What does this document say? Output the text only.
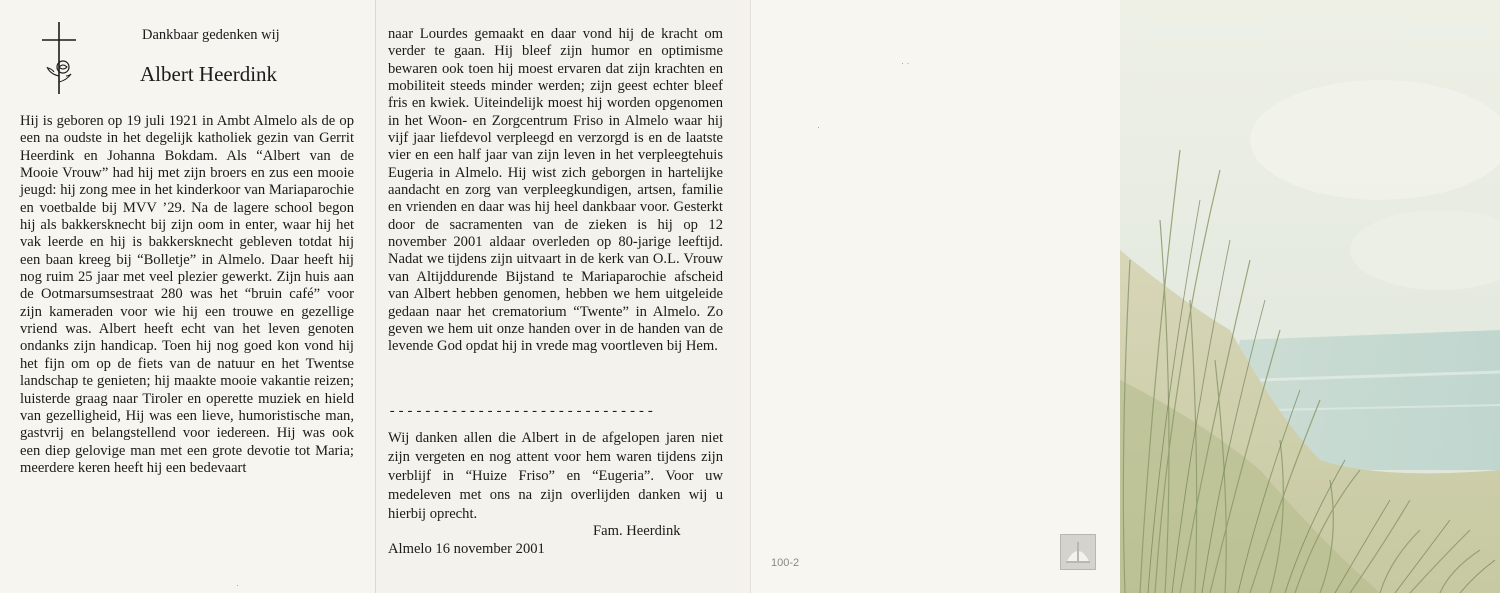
Dankbaar gedenken wij
Albert Heerdink
Hij is geboren op 19 juli 1921 in Ambt Almelo als de op een na oudste in het degelijk katholiek gezin van Gerrit Heerdink en Johanna Bokdam. Als “Albert van de Mooie Vrouw” had hij met zijn broers en zus een mooie jeugd: hij zong mee in het kinderkoor van Mariaparochie en voetbalde bij MVV ’29. Na de lagere school begon hij als bakkersknecht bij zijn oom in enter, waar hij het vak leerde en hij is bakkersknecht gebleven totdat hij een baan kreeg bij “Bolletje” in Almelo. Daar heeft hij nog ruim 25 jaar met veel plezier gewerkt. Zijn huis aan de Ootmarsumsestraat 280 was het “bruin café” voor zijn kameraden voor wie hij een trouwe en gezellige vriend was. Albert heeft echt van het leven genoten ondanks zijn handicap. Toen hij nog goed kon vond hij het fijn om op de fiets van de natuur en het Twentse landschap te genieten; hij maakte mooie vakantie reizen; luisterde graag naar Tiroler en operette muziek en hield van gezelligheid, Hij was een lieve, humoristische man, gastvrij en belangstellend voor iedereen. Hij was ook een diep gelovige man met een grote devotie tot Maria; meerdere keren heeft hij een bedevaart
·
naar Lourdes gemaakt en daar vond hij de kracht om verder te gaan. Hij bleef zijn humor en optimisme bewaren ook toen hij moest ervaren dat zijn krachten en mobiliteit steeds minder werden; zijn geest echter bleef fris en kwiek. Uiteindelijk moest hij worden opgenomen in het Woon- en Zorgcentrum Friso in Almelo waar hij vijf jaar liefdevol verpleegd en verzorgd is en de laatste vier en een half jaar van zijn leven in het verpleegtehuis Eugeria in Almelo. Hij wist zich geborgen in hartelijke aandacht en zorg van verpleegkundigen, artsen, familie en vrienden en daar was hij heel dankbaar voor. Gesterkt door de sacramenten van de zieken is hij op 12 november 2001 aldaar overleden op 80-jarige leeftijd. Nadat we tijdens zijn uitvaart in de kerk van O.L. Vrouw van Altijddurende Bijstand te Mariaparochie afscheid van Albert hebben genomen, hebben we hem uitgeleide gedaan naar het crematorium “Twente” in Almelo. Zo geven we hem uit onze handen over in de handen van de levende God opdat hij in vrede mag voortleven bij Hem.
------------------------------
Wij danken allen die Albert in de afgelopen jaren niet zijn vergeten en nog attent voor hem waren tijdens zijn verblijf in “Huize Friso” en “Eugeria”. Voor uw medeleven met ons na zijn overlijden danken wij u hierbij oprecht.
Fam. Heerdink
Almelo 16 november 2001
· ·
·
100-2
